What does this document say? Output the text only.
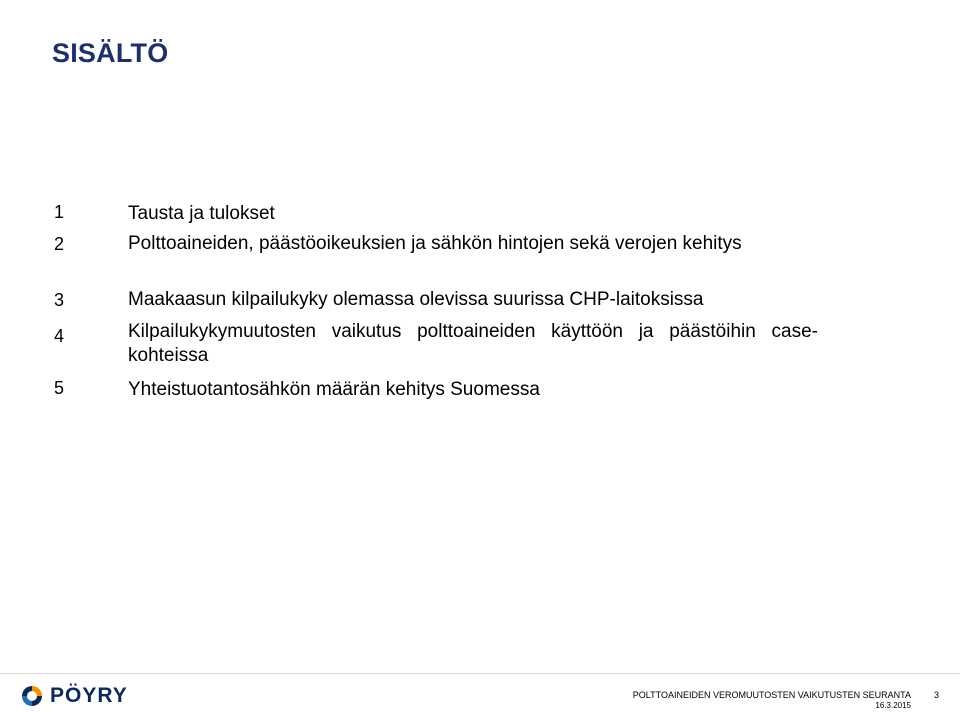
SISÄLTÖ
1	Tausta ja tulokset
2	Polttoaineiden, päästöoikeuksien ja sähkön hintojen sekä verojen kehitys
3	Maakaasun kilpailukyky olemassa olevissa suurissa CHP-laitoksissa
4	Kilpailukykymuutosten vaikutus polttoaineiden käyttöön ja päästöihin case-kohteissa
5	Yhteistuotantosähkön määrän kehitys Suomessa
PÖYRY	POLTTOAINEIDEN VEROMUUTOSTEN VAIKUTUSTEN SEURANTA
16.3.2015
3
